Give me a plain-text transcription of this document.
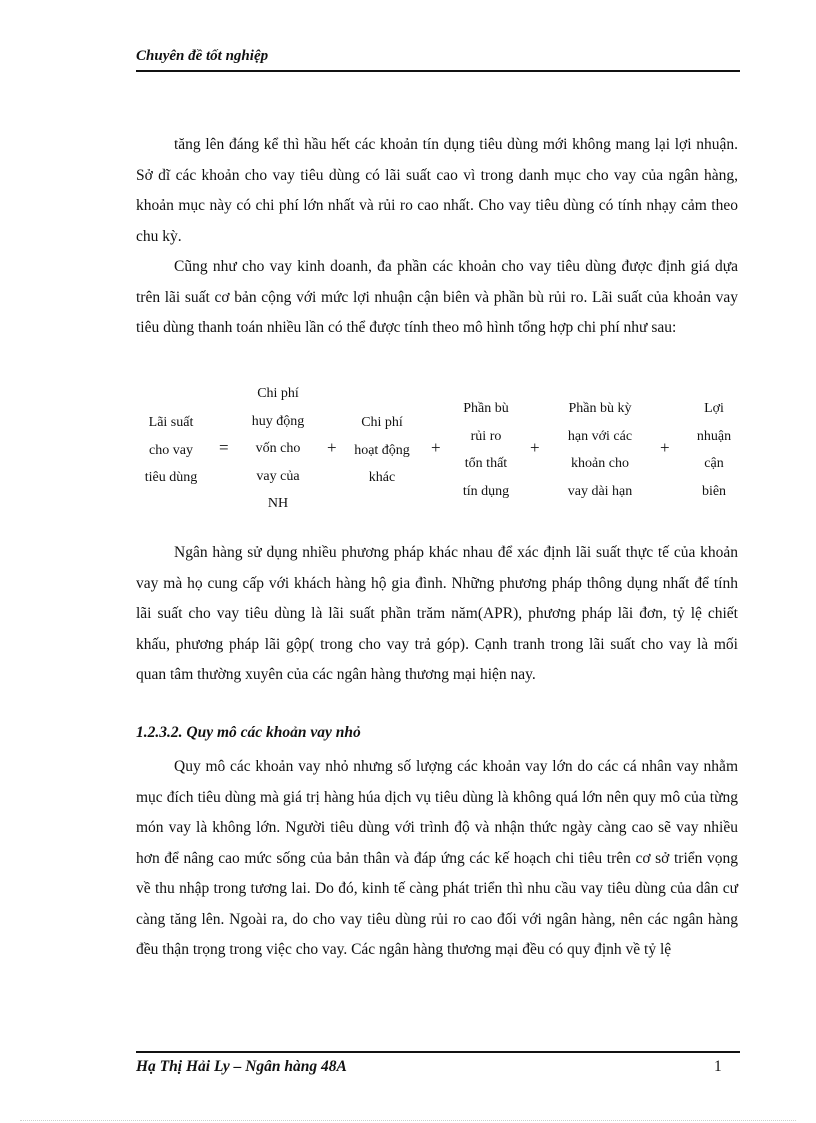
Chuyên đề tốt nghiệp

tăng lên đáng kể thì hầu hết các khoản tín dụng tiêu dùng mới không mang lại lợi nhuận. Sở dĩ các khoản cho vay tiêu dùng có lãi suất cao vì trong danh mục cho vay của ngân hàng, khoản mục này có chi phí lớn nhất và rủi ro cao nhất. Cho vay tiêu dùng có tính nhạy cảm theo chu kỳ.

Cũng như cho vay kinh doanh, đa phần các khoản cho vay tiêu dùng được định giá dựa trên lãi suất cơ bản cộng với mức lợi nhuận cận biên và phần bù rủi ro. Lãi suất của khoản vay tiêu dùng thanh toán nhiều lần có thể được tính theo mô hình tổng hợp chi phí như sau:

Lãi suất
cho vay
tiêu dùng
=
Chi phí
huy động
vốn cho
vay của
NH
+
Chi phí
hoạt động
khác
+
Phần bù
rủi ro
tổn thất
tín dụng
+
Phần bù kỳ
hạn với các
khoản cho
vay dài hạn
+
Lợi
nhuận
cận
biên

Ngân hàng sử dụng nhiều phương pháp khác nhau để xác định lãi suất thực tế của khoản vay mà họ cung cấp với khách hàng hộ gia đình. Những phương pháp thông dụng nhất để tính lãi suất cho vay tiêu dùng là lãi suất phần trăm năm(APR), phương pháp lãi đơn, tỷ lệ chiết khấu, phương pháp lãi gộp( trong cho vay trả góp). Cạnh tranh trong lãi suất cho vay là mối quan tâm thường xuyên của các ngân hàng thương mại hiện nay.

1.2.3.2. Quy mô các khoản vay nhỏ

Quy mô các khoản vay nhỏ nhưng số lượng các khoản vay lớn do các cá nhân vay nhằm mục đích tiêu dùng mà giá trị hàng húa dịch vụ tiêu dùng là không quá lớn nên quy mô của từng món vay là không lớn. Người tiêu dùng với trình độ và nhận thức ngày càng cao sẽ vay nhiều hơn để nâng cao mức sống của bản thân và đáp ứng các kế hoạch chi tiêu trên cơ sở triển vọng về thu nhập trong tương lai. Do đó, kinh tế càng phát triển thì nhu cầu vay tiêu dùng của dân cư càng tăng lên. Ngoài ra, do cho vay tiêu dùng rủi ro cao đối với ngân hàng, nên các ngân hàng đều thận trọng trong việc cho vay. Các ngân hàng thương mại đều có quy định về tỷ lệ

Hạ Thị Hải Ly – Ngân hàng 48A	1
